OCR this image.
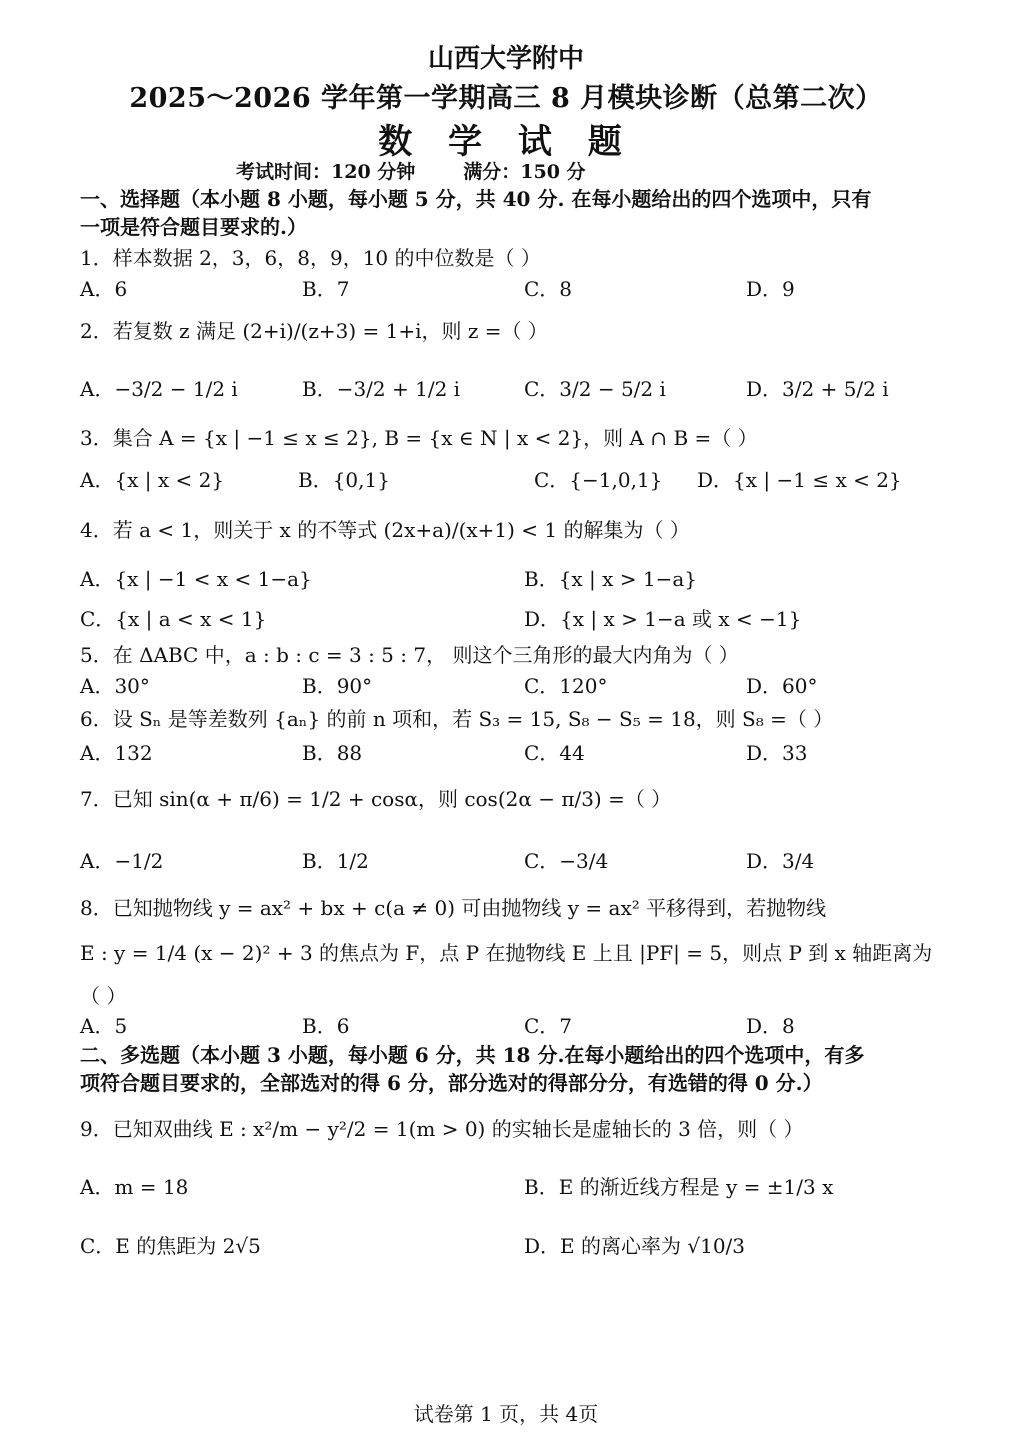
山西大学附中
2025～2026 学年第一学期高三 8 月模块诊断（总第二次）
数 学 试 题
考试时间：120 分钟	满分：150 分
一、选择题（本小题 8 小题，每小题 5 分，共 40 分. 在每小题给出的四个选项中，只有
一项是符合题目要求的.）
1．样本数据 2，3，6，8，9，10 的中位数是（ ）
A．6	B．7	C．8	D．9
2．若复数 z 满足 (2+i)/(z+3) = 1+i，则 z =（ ）
A．−3/2 − 1/2 i	B．−3/2 + 1/2 i	C．3/2 − 5/2 i	D．3/2 + 5/2 i
3．集合 A = {x | −1 ≤ x ≤ 2}, B = {x ∈ N | x < 2}，则 A ∩ B =（ ）
A．{x | x < 2}	B．{0,1}	C．{−1,0,1} D．{x | −1 ≤ x < 2}
4．若 a < 1，则关于 x 的不等式 (2x+a)/(x+1) < 1 的解集为（ ）
A．{x | −1 < x < 1−a}	B．{x | x > 1−a}
C．{x | a < x < 1}	D．{x | x > 1−a 或 x < −1}
5．在 ΔABC 中，a : b : c = 3 : 5 : 7， 则这个三角形的最大内角为（ ）
A．30°	B．90°	C．120°	D．60°
6．设 Sₙ 是等差数列 {aₙ} 的前 n 项和，若 S₃ = 15, S₈ − S₅ = 18，则 S₈ =（ ）
A．132	B．88	C．44	D．33
7．已知 sin(α + π/6) = 1/2 + cosα，则 cos(2α − π/3) =（ ）
A．−1/2	B．1/2	C．−3/4	D．3/4
8．已知抛物线 y = ax² + bx + c(a ≠ 0) 可由抛物线 y = ax² 平移得到，若抛物线
E : y = 1/4 (x − 2)² + 3 的焦点为 F，点 P 在抛物线 E 上且 |PF| = 5，则点 P 到 x 轴距离为
（ ）
A．5	B．6	C．7	D．8
二、多选题（本小题 3 小题，每小题 6 分，共 18 分.在每小题给出的四个选项中，有多
项符合题目要求的，全部选对的得 6 分，部分选对的得部分分，有选错的得 0 分.）
9．已知双曲线 E : x²/m − y²/2 = 1(m > 0) 的实轴长是虚轴长的 3 倍，则（ ）
A．m = 18	B．E 的渐近线方程是 y = ±1/3 x
C．E 的焦距为 2√5	D．E 的离心率为 √10/3
试卷第 1 页，共 4页
